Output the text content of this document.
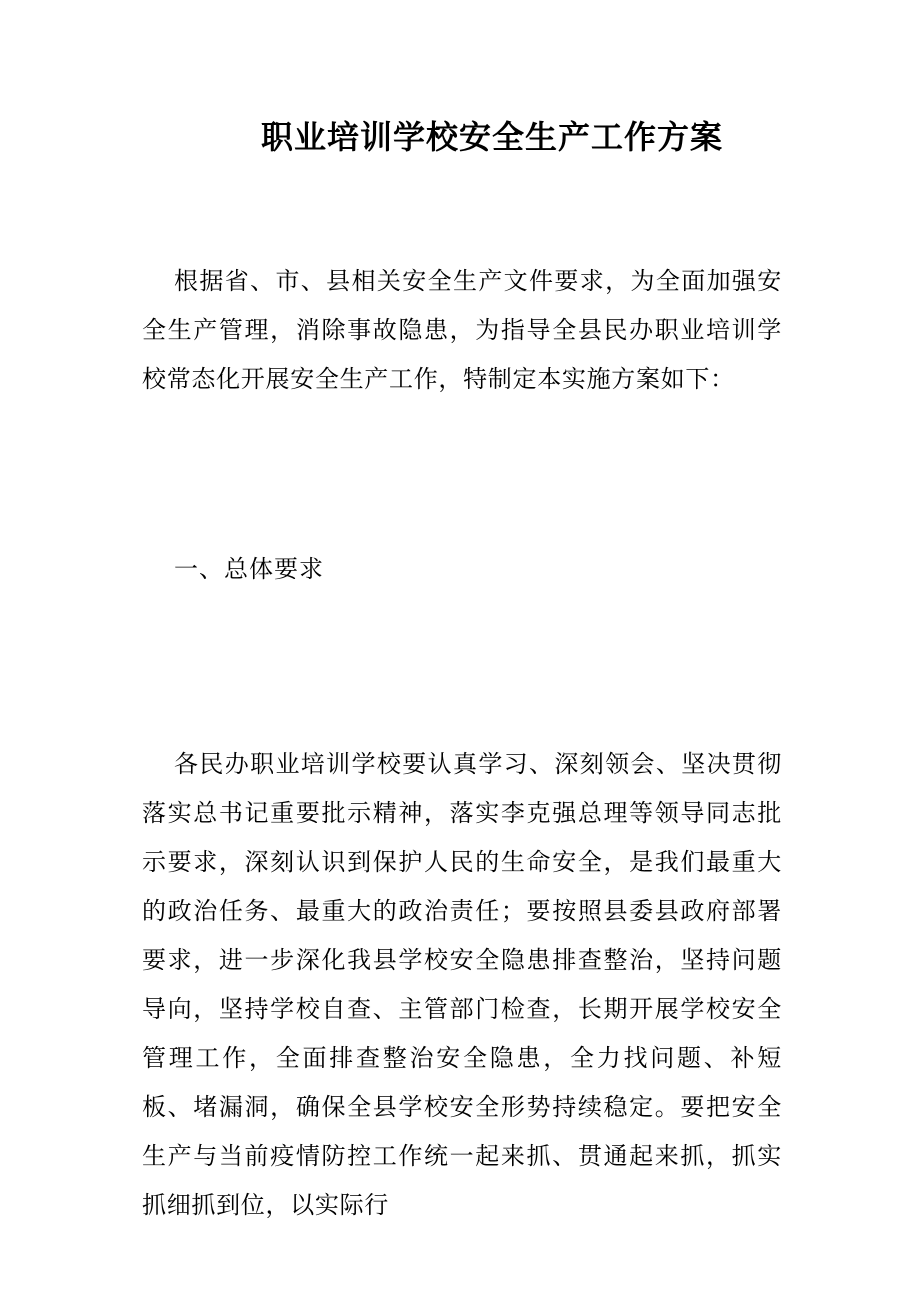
职业培训学校安全生产工作方案

根据省、市、县相关安全生产文件要求，为全面加强安全生产管理，消除事故隐患，为指导全县民办职业培训学校常态化开展安全生产工作，特制定本实施方案如下：

一、总体要求

各民办职业培训学校要认真学习、深刻领会、坚决贯彻落实总书记重要批示精神，落实李克强总理等领导同志批示要求，深刻认识到保护人民的生命安全，是我们最重大的政治任务、最重大的政治责任；要按照县委县政府部署要求，进一步深化我县学校安全隐患排查整治，坚持问题导向，坚持学校自查、主管部门检查，长期开展学校安全管理工作，全面排查整治安全隐患，全力找问题、补短板、堵漏洞，确保全县学校安全形势持续稳定。要把安全生产与当前疫情防控工作统一起来抓、贯通起来抓，抓实抓细抓到位，以实际行
